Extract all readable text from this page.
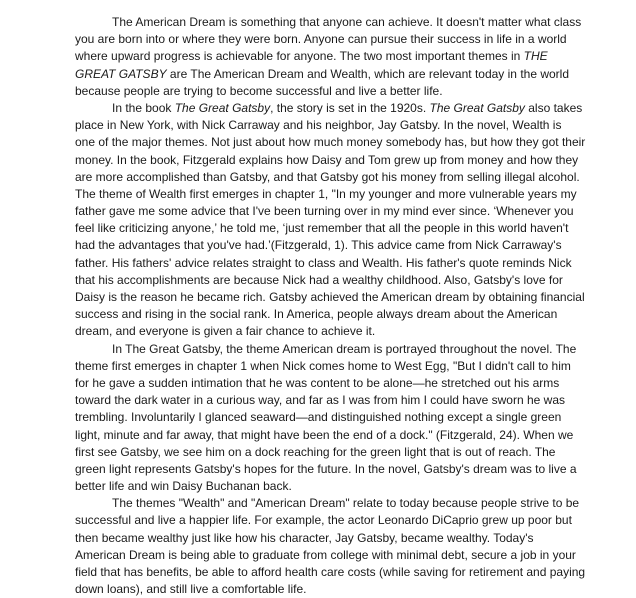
The American Dream is something that anyone can achieve. It doesn't matter what class
you are born into or where they were born. Anyone can pursue their success in life in a world
where upward progress is achievable for anyone. The two most important themes in THE
GREAT GATSBY are The American Dream and Wealth, which are relevant today in the world
because people are trying to become successful and live a better life.
In the book The Great Gatsby, the story is set in the 1920s. The Great Gatsby also takes
place in New York, with Nick Carraway and his neighbor, Jay Gatsby. In the novel, Wealth is
one of the major themes. Not just about how much money somebody has, but how they got their
money. In the book, Fitzgerald explains how Daisy and Tom grew up from money and how they
are more accomplished than Gatsby, and that Gatsby got his money from selling illegal alcohol.
The theme of Wealth first emerges in chapter 1, "In my younger and more vulnerable years my
father gave me some advice that I've been turning over in my mind ever since. ‘Whenever you
feel like criticizing anyone,’ he told me, ‘just remember that all the people in this world haven't
had the advantages that you've had.’(Fitzgerald, 1). This advice came from Nick Carraway's
father. His fathers' advice relates straight to class and Wealth. His father's quote reminds Nick
that his accomplishments are because Nick had a wealthy childhood. Also, Gatsby's love for
Daisy is the reason he became rich. Gatsby achieved the American dream by obtaining financial
success and rising in the social rank. In America, people always dream about the American
dream, and everyone is given a fair chance to achieve it.
In The Great Gatsby, the theme American dream is portrayed throughout the novel. The
theme first emerges in chapter 1 when Nick comes home to West Egg, "But I didn't call to him
for he gave a sudden intimation that he was content to be alone—he stretched out his arms
toward the dark water in a curious way, and far as I was from him I could have sworn he was
trembling. Involuntarily I glanced seaward—and distinguished nothing except a single green
light, minute and far away, that might have been the end of a dock." (Fitzgerald, 24). When we
first see Gatsby, we see him on a dock reaching for the green light that is out of reach. The
green light represents Gatsby's hopes for the future. In the novel, Gatsby's dream was to live a
better life and win Daisy Buchanan back.
The themes "Wealth" and "American Dream" relate to today because people strive to be
successful and live a happier life. For example, the actor Leonardo DiCaprio grew up poor but
then became wealthy just like how his character, Jay Gatsby, became wealthy. Today's
American Dream is being able to graduate from college with minimal debt, secure a job in your
field that has benefits, be able to afford health care costs (while saving for retirement and paying
down loans), and still live a comfortable life.
